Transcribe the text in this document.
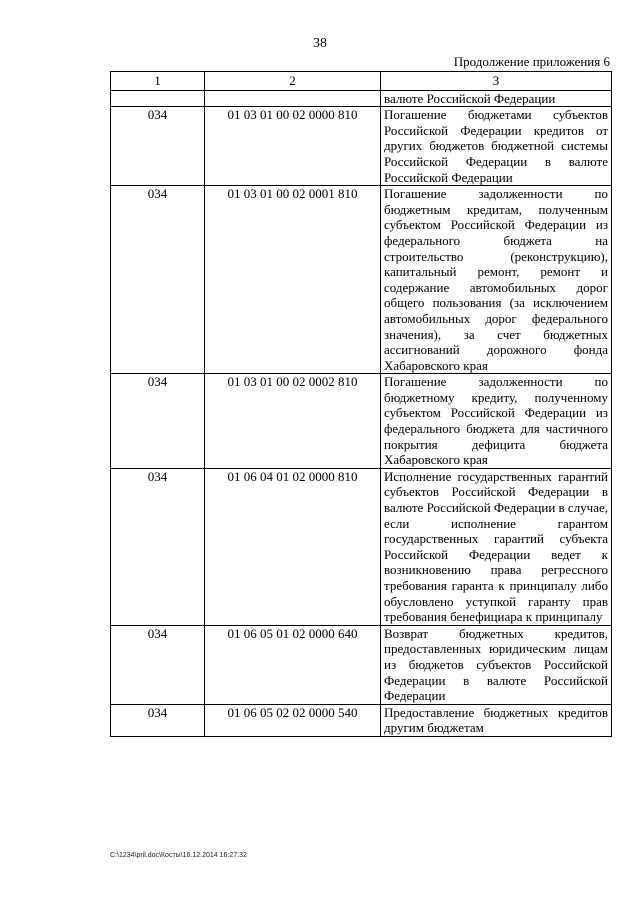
38
Продолжение приложения 6
1	2	3
		валюте Российской Федерации
034	01 03 01 00 02 0000 810	Погашение бюджетами субъектов Российской Федерации кредитов от других бюджетов бюджетной системы Российской Федерации в валюте Российской Федерации
034	01 03 01 00 02 0001 810	Погашение задолженности по бюджетным кредитам, полученным субъектом Российской Федерации из федерального бюджета на строительство (реконструкцию), капитальный ремонт, ремонт и содержание автомобильных дорог общего пользования (за исключением автомобильных дорог федерального значения), за счет бюджетных ассигнований дорожного фонда Хабаровского края
034	01 03 01 00 02 0002 810	Погашение задолженности по бюджетному кредиту, полученному субъектом Российской Федерации из федерального бюджета для частичного покрытия дефицита бюджета Хабаровского края
034	01 06 04 01 02 0000 810	Исполнение государственных гарантий субъектов Российской Федерации в валюте Российской Федерации в случае, если исполнение гарантом государственных гарантий субъекта Российской Федерации ведет к возникновению права регрессного требования гаранта к принципалу либо обусловлено уступкой гаранту прав требования бенефициара к принципалу
034	01 06 05 01 02 0000 640	Возврат бюджетных кредитов, предоставленных юридическим лицам из бюджетов субъектов Российской Федерации в валюте Российской Федерации
034	01 06 05 02 02 0000 540	Предоставление бюджетных кредитов другим бюджетам
C:\1234\pril.doc\Косты\16.12.2014 16:27:32
